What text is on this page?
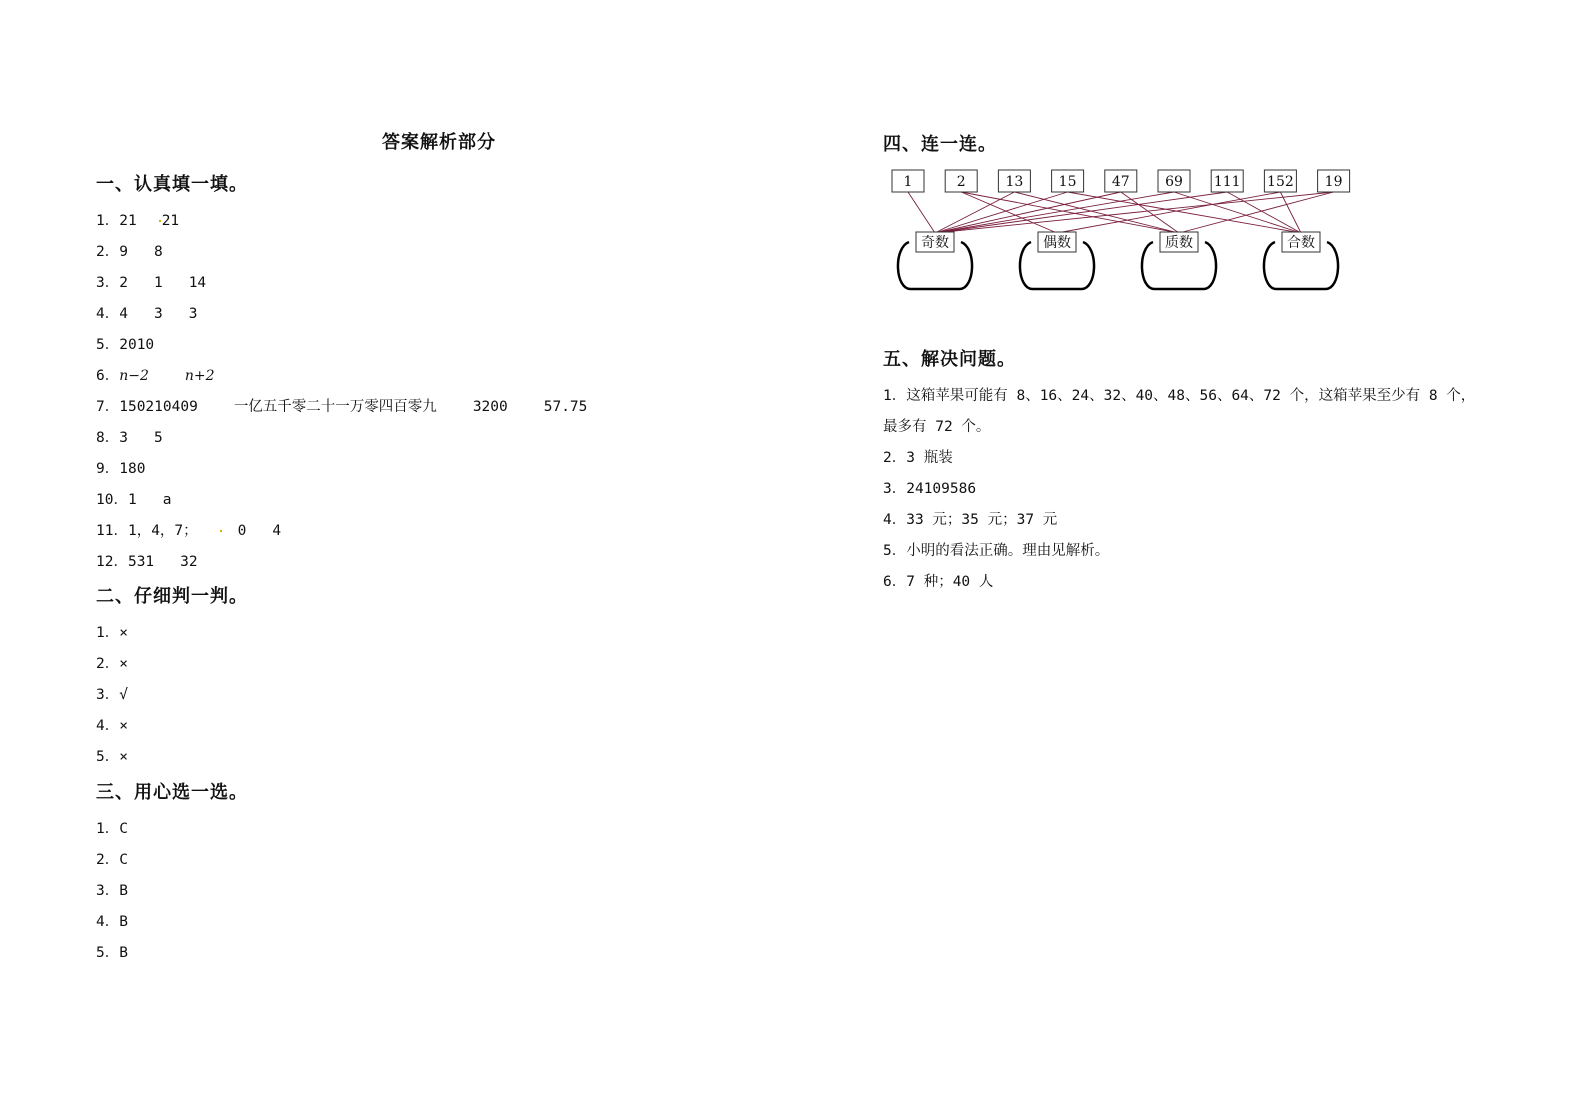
答案解析部分
一、认真填一填。
1．21 21
2．9 8
3．2 1 14
4．4 3 3
5．2010
6．n−2	n+2
7．150210409 一亿五千零二十一万零四百零九 3200 57.75
8．3 5
9．180
10．1 a
11．1，4，7；	0 4
12．531 32
二、仔细判一判。
1．×
2．×
3．√
4．×
5．×
三、用心选一选。
1．C
2．C
3．B
4．B
5．B
四、连一连。
1	2	13	15	47	69 111 152 19
奇数	偶数	质数	合数
五、解决问题。
1．这箱苹果可能有 8、16、24、32、40、48、56、64、72 个，这箱苹果至少有 8 个，
最多有 72 个。
2．3 瓶装
3．24109586
4．33 元；35 元；37 元
5．小明的看法正确。理由见解析。
6．7 种；40 人
